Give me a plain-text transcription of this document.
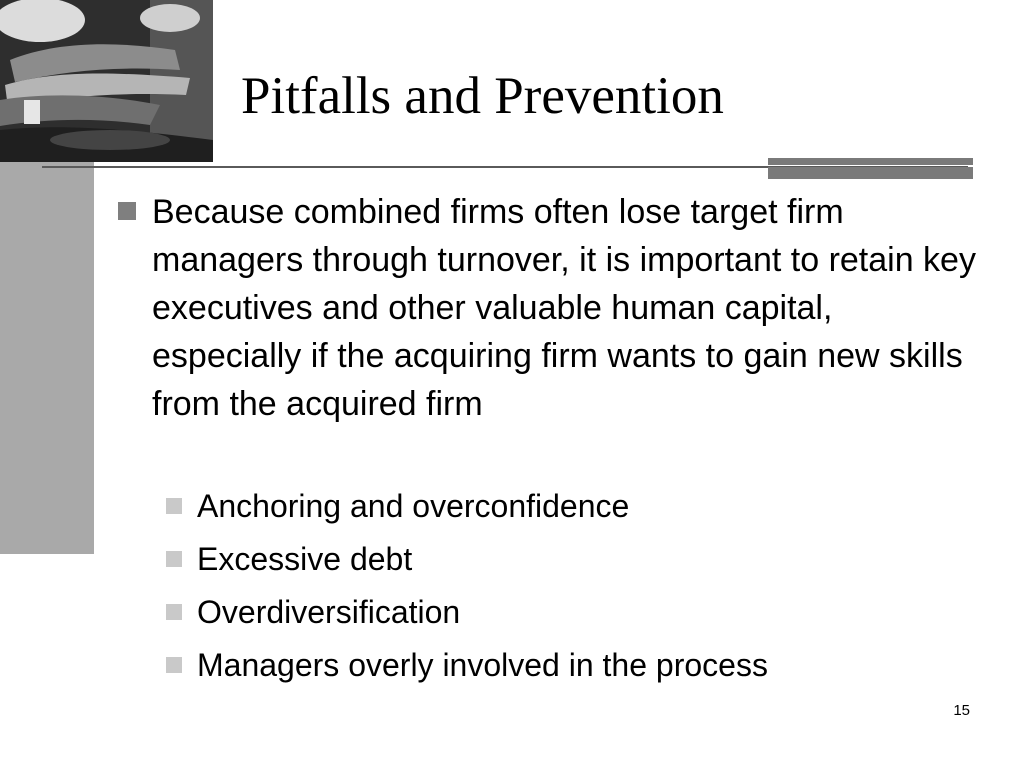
Pitfalls and Prevention
Because combined firms often lose target firm managers through turnover, it is important to retain key executives and other valuable human capital, especially if the acquiring firm wants to gain new skills from the acquired firm
Anchoring and overconfidence
Excessive debt
Overdiversification
Managers overly involved in the process
15
